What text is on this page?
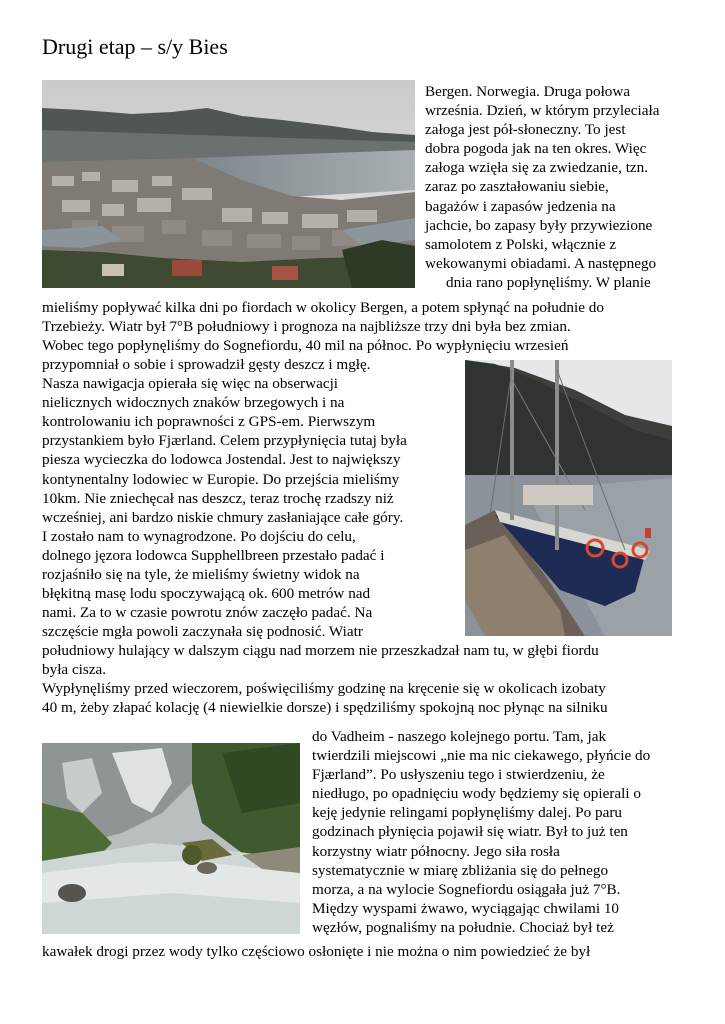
Drugi etap – s/y Bies
Bergen. Norwegia. Druga połowa
września. Dzień, w którym przyleciała
załoga jest pół-słoneczny. To jest
dobra pogoda jak na ten okres. Więc
załoga wzięła się za zwiedzanie, tzn.
zaraz po zaształowaniu siebie,
bagażów i zapasów jedzenia na
jachcie, bo zapasy były przywiezione
samolotem z Polski, włącznie z
wekowanymi obiadami. A następnego
dnia rano popłynęliśmy. W planie
mieliśmy popływać kilka dni po fiordach w okolicy Bergen, a potem spłynąć na południe do
Trzebieży. Wiatr był 7°B południowy i prognoza na najbliższe trzy dni była bez zmian.
Wobec tego popłynęliśmy do Sognefiordu, 40 mil na północ. Po wypłynięciu wrzesień
przypomniał o sobie i sprowadził gęsty deszcz i mgłę.
Nasza nawigacja opierała się więc na obserwacji
nielicznych widocznych znaków brzegowych i na
kontrolowaniu ich poprawności z GPS-em. Pierwszym
przystankiem było Fjærland. Celem przypłynięcia tutaj była
piesza wycieczka do lodowca Jostendal. Jest to największy
kontynentalny lodowiec w Europie. Do przejścia mieliśmy
10km. Nie zniechęcał nas deszcz, teraz trochę rzadszy niż
wcześniej, ani bardzo niskie chmury zasłaniające całe góry.
I zostało nam to wynagrodzone. Po dojściu do celu,
dolnego jęzora lodowca Supphellbreen przestało padać i
rozjaśniło się na tyle, że mieliśmy świetny widok na
błękitną masę lodu spoczywającą ok. 600 metrów nad
nami. Za to w czasie powrotu znów zaczęło padać. Na
szczęście mgła powoli zaczynała się podnosić. Wiatr
południowy hulający w dalszym ciągu nad morzem nie przeszkadzał nam tu, w głębi fiordu
była cisza.
Wypłynęliśmy przed wieczorem, poświęciliśmy godzinę na kręcenie się w okolicach izobaty
40 m, żeby złapać kolację (4 niewielkie dorsze) i spędziliśmy spokojną noc płynąc na silniku
do Vadheim - naszego kolejnego portu. Tam, jak
twierdzili miejscowi „nie ma nic ciekawego, płyńcie do
Fjærland”. Po usłyszeniu tego i stwierdzeniu, że
niedługo, po opadnięciu wody będziemy się opierali o
keję jedynie relingami popłynęliśmy dalej. Po paru
godzinach płynięcia pojawił się wiatr. Był to już ten
korzystny wiatr północny. Jego siła rosła
systematycznie w miarę zbliżania się do pełnego
morza, a na wylocie Sognefiordu osiągała już 7°B.
Między wyspami żwawo, wyciągając chwilami 10
węzłów, pognaliśmy na południe. Chociaż był też
kawałek drogi przez wody tylko częściowo osłonięte i nie można o nim powiedzieć że był
